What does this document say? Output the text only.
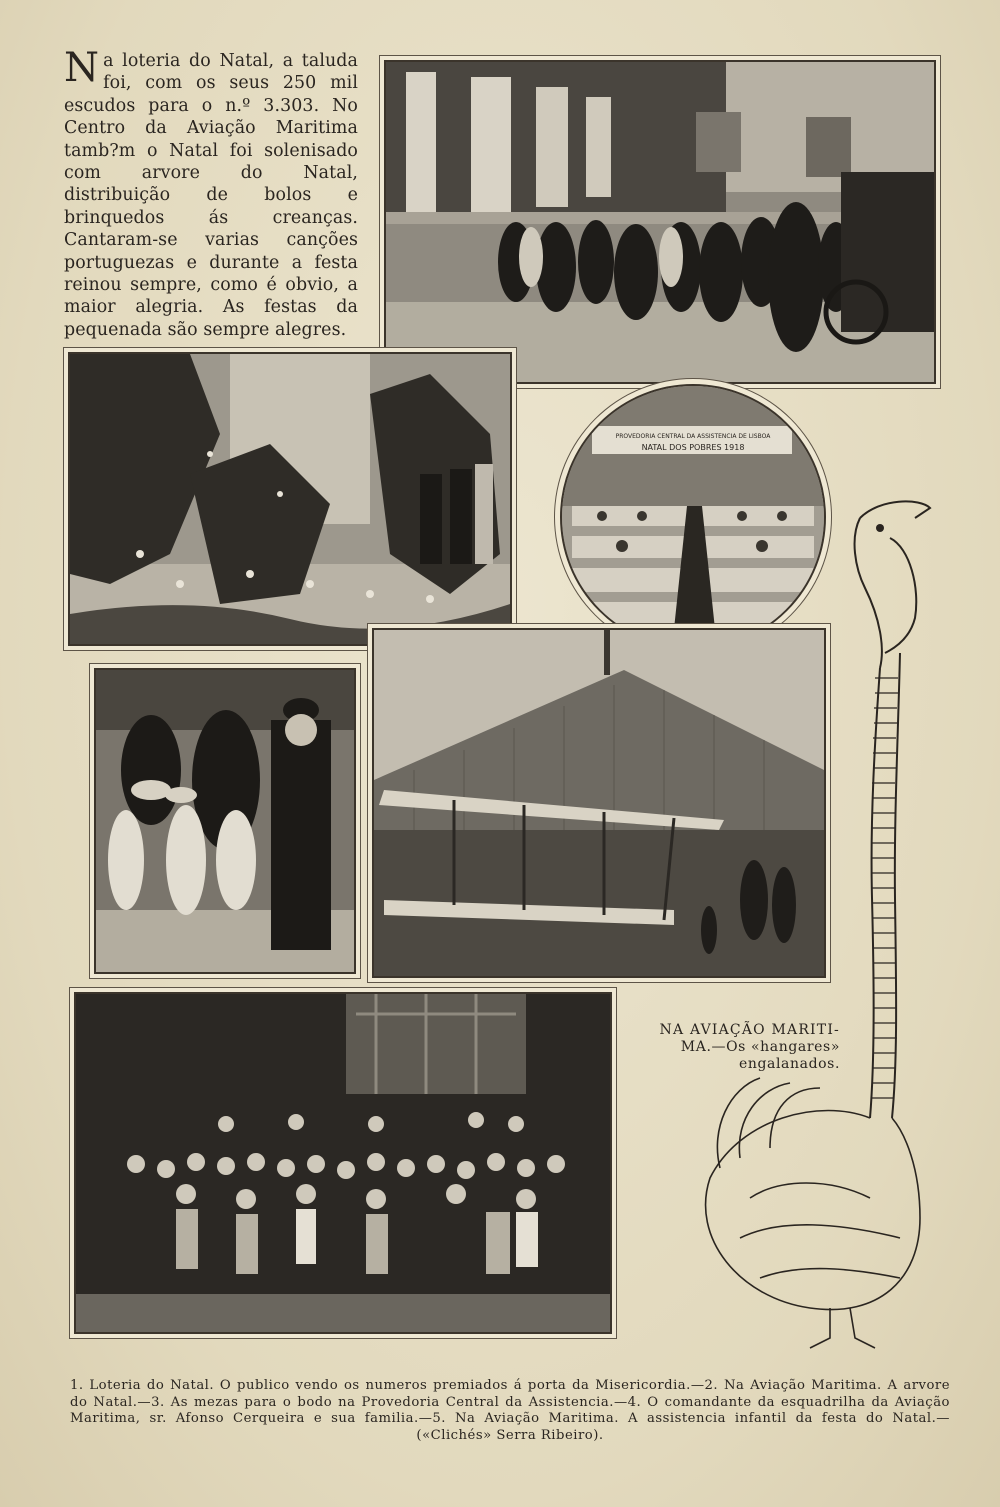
Na loteria do Natal, a taluda foi, com os seus 250 mil escudos para o n.º 3.303. No Centro da Aviação Maritima tamb?m o Natal foi solenisado com arvore do Natal, distribuição de bolos e brinquedos ás creanças. Cantaram-se varias canções portuguezas e durante a festa reinou sempre, como é obvio, a maior alegria. As festas da pequenada são sempre alegres.
PROVEDORIA CENTRAL DA ASSISTENCIA DE LISBOA
NATAL DOS POBRES 1918
NA AVIAÇÃO MARITI-
MA.—Os «hangares» engalanados.
1. Loteria do Natal. O publico vendo os numeros premiados á porta da Misericordia.—2. Na Aviação Maritima. A arvore do Natal.—3. As mezas para o bodo na Provedoria Central da Assistencia.—4. O comandante da esquadrilha da Aviação Maritima, sr. Afonso Cerqueira e sua familia.—5. Na Aviação Maritima. A assistencia infantil da festa do Natal.—(«Clichés» Serra Ribeiro).
